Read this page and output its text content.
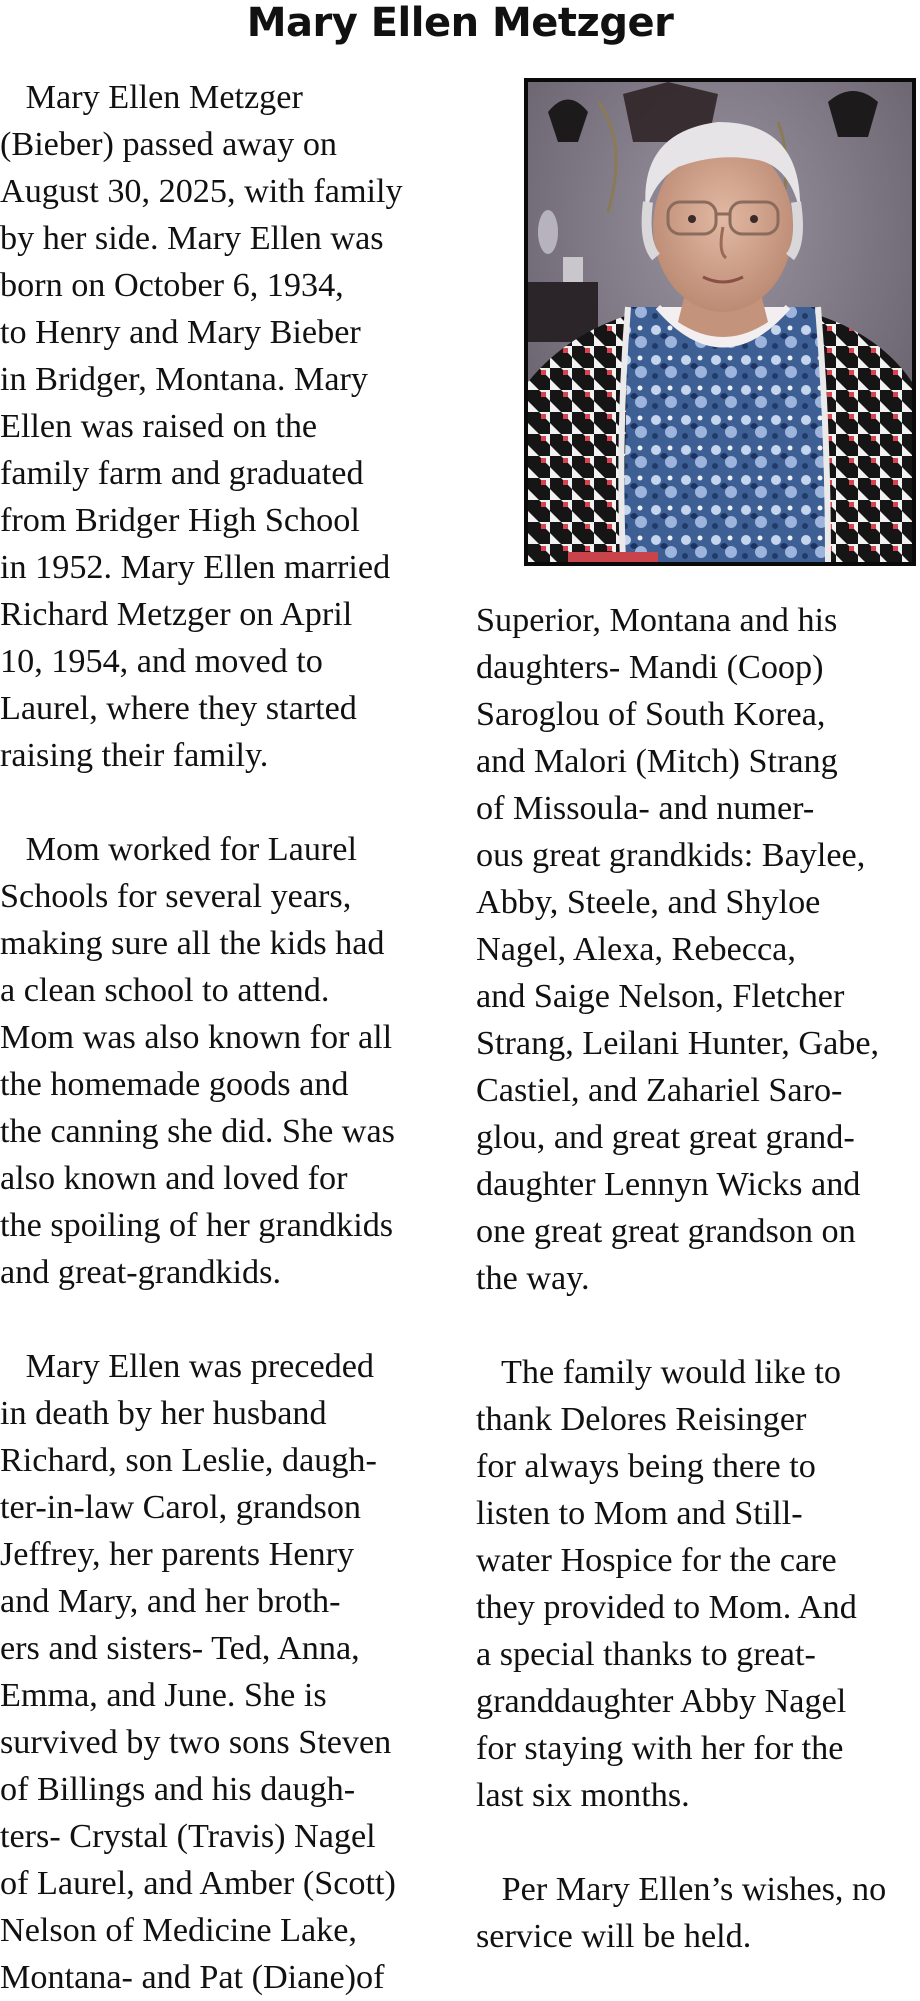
Mary Ellen Metzger
Mary Ellen Metzger
(Bieber) passed away on
August 30, 2025, with family
by her side. Mary Ellen was
born on October 6, 1934,
to Henry and Mary Bieber
in Bridger, Montana. Mary
Ellen was raised on the
family farm and graduated
from Bridger High School
in 1952. Mary Ellen married
Richard Metzger on April
10, 1954, and moved to
Laurel, where they started
raising their family.
Mom worked for Laurel
Schools for several years,
making sure all the kids had
a clean school to attend.
Mom was also known for all
the homemade goods and
the canning she did. She was
also known and loved for
the spoiling of her grandkids
and great-grandkids.
Mary Ellen was preceded
in death by her husband
Richard, son Leslie, daugh-
ter-in-law Carol, grandson
Jeffrey, her parents Henry
and Mary, and her broth-
ers and sisters- Ted, Anna,
Emma, and June. She is
survived by two sons Steven
of Billings and his daugh-
ters- Crystal (Travis) Nagel
of Laurel, and Amber (Scott)
Nelson of Medicine Lake,
Montana- and Pat (Diane)of
Superior, Montana and his
daughters- Mandi (Coop)
Saroglou of South Korea,
and Malori (Mitch) Strang
of Missoula- and numer-
ous great grandkids: Baylee,
Abby, Steele, and Shyloe
Nagel, Alexa, Rebecca,
and Saige Nelson, Fletcher
Strang, Leilani Hunter, Gabe,
Castiel, and Zahariel Saro-
glou, and great great grand-
daughter Lennyn Wicks and
one great great grandson on
the way.
The family would like to
thank Delores Reisinger
for always being there to
listen to Mom and Still-
water Hospice for the care
they provided to Mom. And
a special thanks to great-
granddaughter Abby Nagel
for staying with her for the
last six months.
Per Mary Ellen’s wishes, no
service will be held.
